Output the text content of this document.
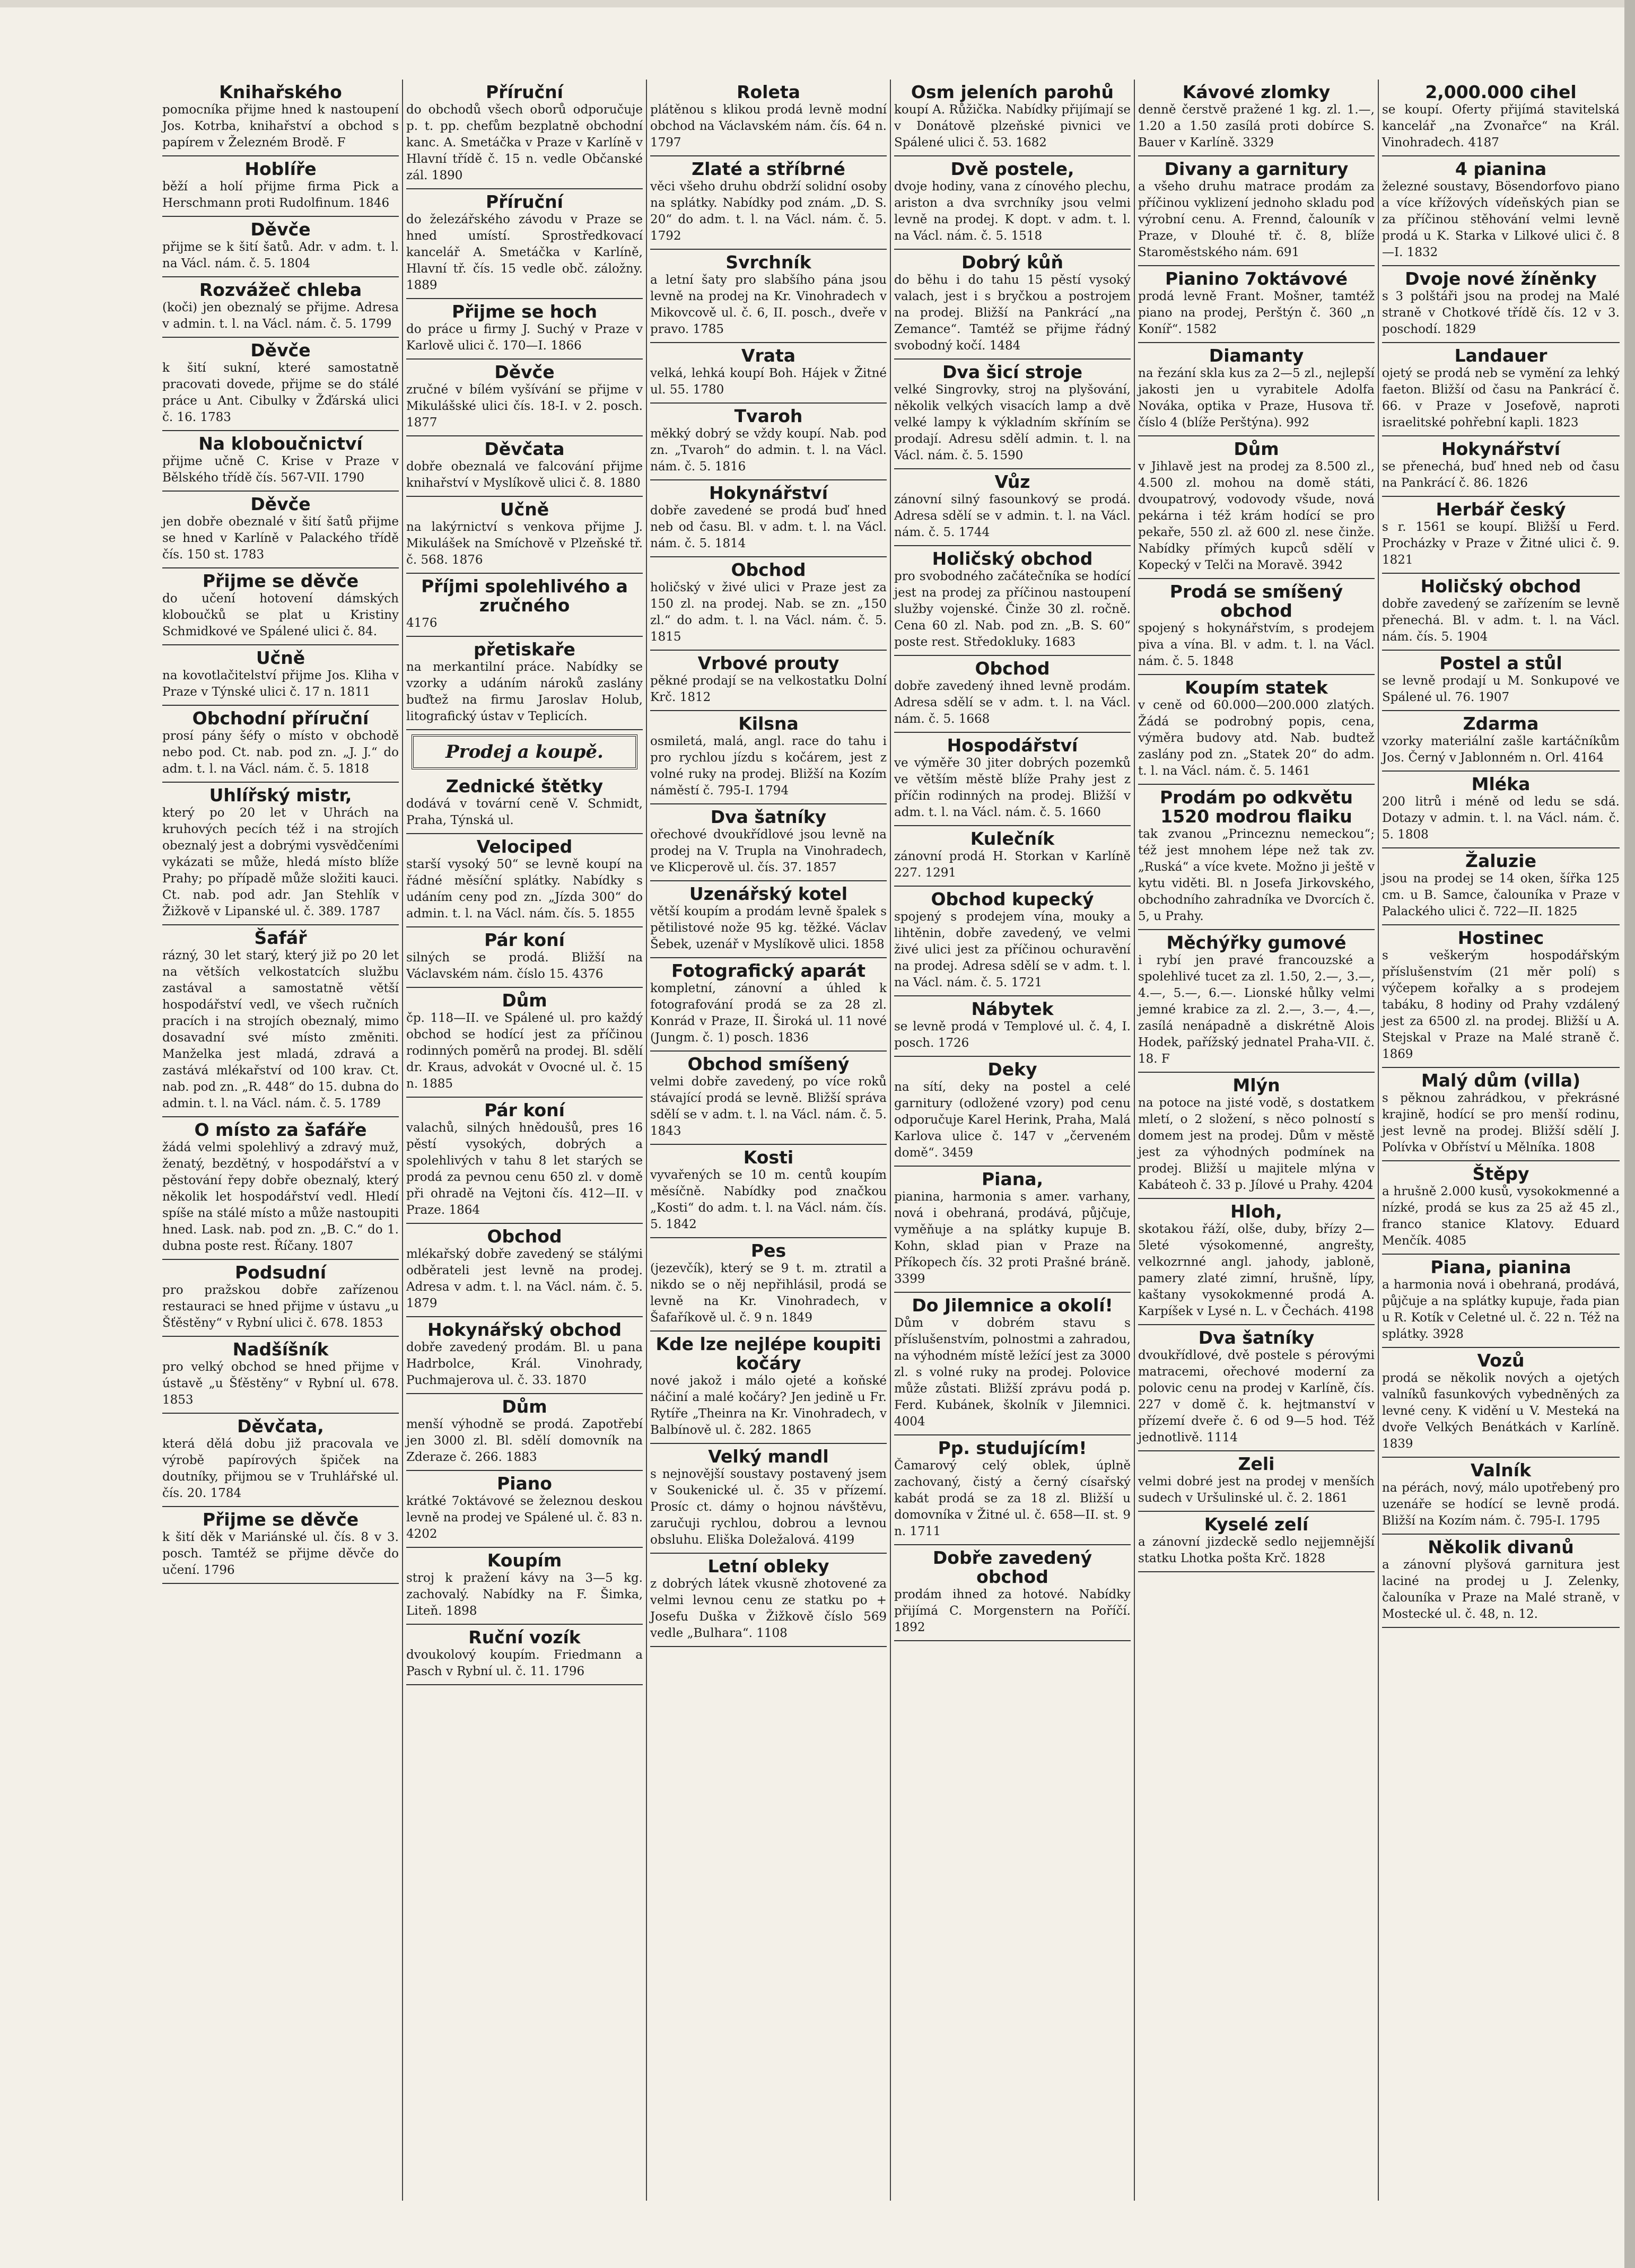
Knihařského
pomocníka přijme hned k nastoupení Jos. Kotrba, knihařství a obchod s papírem v Železném Brodě. F
Hoblíře
běží a holí přijme firma Pick a Herschmann proti Rudolfinum. 1846
Děvče
přijme se k šití šatů. Adr. v adm. t. l. na Václ. nám. č. 5. 1804
Rozvážeč chleba
(koči) jen obeznalý se přijme. Adresa v admin. t. l. na Václ. nám. č. 5. 1799
Děvče
k šití sukní, které samostatně pracovati dovede, přijme se do stálé práce u Ant. Cibulky v Žďárská ulici č. 16. 1783
Na kloboučnictví
přijme učně C. Krise v Praze v Bělského třídě čís. 567-VII. 1790
Děvče
jen dobře obeznalé v šití šatů přijme se hned v Karlíně v Palackého třídě čís. 150 st. 1783
Přijme se děvče
do učení hotovení dámských kloboučků se plat u Kristiny Schmidkové ve Spálené ulici č. 84.
Učně
na kovotlačitelství přijme Jos. Kliha v Praze v Týnské ulici č. 17 n. 1811
Obchodní příruční
prosí pány šéfy o místo v obchodě nebo pod. Ct. nab. pod zn. „J. J.“ do adm. t. l. na Václ. nám. č. 5. 1818
Uhlířský mistr,
který po 20 let v Uhrách na kruhových pecích též i na strojích obeznalý jest a dobrými vysvědčeními vykázati se může, hledá místo blíže Prahy; po případě může složiti kauci. Ct. nab. pod adr. Jan Stehlík v Žižkově v Lipanské ul. č. 389. 1787
Šafář
rázný, 30 let starý, který již po 20 let na větších velkostatcích službu zastával a samostatně větší hospodářství vedl, ve všech ručních pracích i na strojích obeznalý, mimo dosavadní své místo změniti. Manželka jest mladá, zdravá a zastává mlékařství od 100 krav. Ct. nab. pod zn. „R. 448“ do 15. dubna do admin. t. l. na Václ. nám. č. 5. 1789
O místo za šafáře
žádá velmi spolehlivý a zdravý muž, ženatý, bezdětný, v hospodářství a v pěstování řepy dobře obeznalý, který několik let hospodářství vedl. Hledí spíše na stálé místo a může nastoupiti hned. Lask. nab. pod zn. „B. C.“ do 1. dubna poste rest. Říčany. 1807
Podsudní
pro pražskou dobře zařízenou restauraci se hned přijme v ústavu „u Šťěstěny“ v Rybní ulici č. 678. 1853
Nadšíšník
pro velký obchod se hned přijme v ústavě „u Šťěstěny“ v Rybní ul. 678. 1853
Děvčata,
která dělá dobu již pracovala ve výrobě papírových špiček na doutníky, přijmou se v Truhlářské ul. čís. 20. 1784
Přijme se děvče
k šití děk v Mariánské ul. čís. 8 v 3. posch. Tamtéž se přijme děvče do učení. 1796
Příruční
do obchodů všech oborů odporučuje p. t. pp. chefům bezplatně obchodní kanc. A. Smetáčka v Praze v Karlíně v Hlavní třídě č. 15 n. vedle Občanské zál. 1890
Příruční
do železářského závodu v Praze se hned umístí. Sprostředkovací kancelář A. Smetáčka v Karlíně, Hlavní tř. čís. 15 vedle obč. záložny. 1889
Přijme se hoch
do práce u firmy J. Suchý v Praze v Karlově ulici č. 170—I. 1866
Děvče
zručné v bílém vyšívání se přijme v Mikulášské ulici čís. 18-I. v 2. posch. 1877
Děvčata
dobře obeznalá ve falcování přijme knihařství v Myslíkově ulici č. 8. 1880
Učně
na lakýrnictví s venkova přijme J. Mikulášek na Smíchově v Plzeňské tř. č. 568. 1876
Příjmi spolehlivého a zručného
4176
přetiskaře
na merkantilní práce. Nabídky se vzorky a udáním nároků zaslány buďtež na firmu Jaroslav Holub, litografický ústav v Teplicích.
Prodej a koupě.
Zednické štětky
dodává v tovární ceně V. Schmidt, Praha, Týnská ul.
Velociped
starší vysoký 50“ se levně koupí na řádné měsíční splátky. Nabídky s udáním ceny pod zn. „Jízda 300“ do admin. t. l. na Václ. nám. čís. 5. 1855
Pár koní
silných se prodá. Bližší na Václavském nám. číslo 15. 4376
Dům
čp. 118—II. ve Spálené ul. pro každý obchod se hodící jest za příčinou rodinných poměrů na prodej. Bl. sdělí dr. Kraus, advokát v Ovocné ul. č. 15 n. 1885
Pár koní
valachů, silných hnědoušů, pres 16 pěstí vysokých, dobrých a spolehlivých v tahu 8 let starých se prodá za pevnou cenu 650 zl. v domě při ohradě na Vejtoni čís. 412—II. v Praze. 1864
Obchod
mlékařský dobře zavedený se stálými odběrateli jest levně na prodej. Adresa v adm. t. l. na Václ. nám. č. 5. 1879
Hokynářský obchod
dobře zavedený prodám. Bl. u pana Hadrbolce, Král. Vinohrady, Puchmajerova ul. č. 33. 1870
Dům
menší výhodně se prodá. Zapotřebí jen 3000 zl. Bl. sdělí domovník na Zderaze č. 266. 1883
Piano
krátké 7oktávové se železnou deskou levně na prodej ve Spálené ul. č. 83 n. 4202
Koupím
stroj k pražení kávy na 3—5 kg. zachovalý. Nabídky na F. Šimka, Liteň. 1898
Ruční vozík
dvoukolový koupím. Friedmann a Pasch v Rybní ul. č. 11. 1796
Roleta
plátěnou s klikou prodá levně modní obchod na Václavském nám. čís. 64 n. 1797
Zlaté a stříbrné
věci všeho druhu obdrží solidní osoby na splátky. Nabídky pod znám. „D. S. 20“ do adm. t. l. na Václ. nám. č. 5. 1792
Svrchník
a letní šaty pro slabšího pána jsou levně na prodej na Kr. Vinohradech v Mikovcově ul. č. 6, II. posch., dveře v pravo. 1785
Vrata
velká, lehká koupí Boh. Hájek v Žitné ul. 55. 1780
Tvaroh
měkký dobrý se vždy koupí. Nab. pod zn. „Tvaroh“ do admin. t. l. na Václ. nám. č. 5. 1816
Hokynářství
dobře zavedené se prodá buď hned neb od času. Bl. v adm. t. l. na Václ. nám. č. 5. 1814
Obchod
holičský v živé ulici v Praze jest za 150 zl. na prodej. Nab. se zn. „150 zl.“ do adm. t. l. na Václ. nám. č. 5. 1815
Vrbové prouty
pěkné prodají se na velkostatku Dolní Krč. 1812
Kilsna
osmiletá, malá, angl. race do tahu i pro rychlou jízdu s kočárem, jest z volné ruky na prodej. Bližší na Kozím náměstí č. 795-I. 1794
Dva šatníky
ořechové dvoukřídlové jsou levně na prodej na V. Trupla na Vinohradech, ve Klicperově ul. čís. 37. 1857
Uzenářský kotel
větší koupím a prodám levně špalek s pětilistové nože 95 kg. těžké. Václav Šebek, uzenář v Myslíkově ulici. 1858
Fotografický aparát
kompletní, zánovní a úhled k fotografování prodá se za 28 zl. Konrád v Praze, II. Široká ul. 11 nové (Jungm. č. 1) posch. 1836
Obchod smíšený
velmi dobře zavedený, po více roků stávající prodá se levně. Bližší správa sdělí se v adm. t. l. na Václ. nám. č. 5. 1843
Kosti
vyvařených se 10 m. centů koupím měsíčně. Nabídky pod značkou „Kosti“ do adm. t. l. na Václ. nám. čís. 5. 1842
Pes
(jezevčík), který se 9 t. m. ztratil a nikdo se o něj nepřihlásil, prodá se levně na Kr. Vinohradech, v Šafaříkově ul. č. 9 n. 1849
Kde lze nejlépe koupiti kočáry
nové jakož i málo ojeté a koňské náčiní a malé kočáry? Jen jedině u Fr. Rytíře „Theinra na Kr. Vinohradech, v Balbínově ul. č. 282. 1865
Velký mandl
s nejnovější soustavy postavený jsem v Soukenické ul. č. 35 v přízemí. Prosíc ct. dámy o hojnou návštěvu, zaručuji rychlou, dobrou a levnou obsluhu. Eliška Doležalová. 4199
Letní obleky
z dobrých látek vkusně zhotovené za velmi levnou cenu ze statku po + Josefu Duška v Žižkově číslo 569 vedle „Bulhara“. 1108
Osm jeleních parohů
koupí A. Růžička. Nabídky přijímají se v Donátově plzeňské pivnici ve Spálené ulici č. 53. 1682
Dvě postele,
dvoje hodiny, vana z cínového plechu, ariston a dva svrchníky jsou velmi levně na prodej. K dopt. v adm. t. l. na Václ. nám. č. 5. 1518
Dobrý kůň
do běhu i do tahu 15 pěstí vysoký valach, jest i s bryčkou a postrojem na prodej. Bližší na Pankrácí „na Zemance“. Tamtéž se přijme řádný svobodný kočí. 1484
Dva šicí stroje
velké Singrovky, stroj na plyšování, několik velkých visacích lamp a dvě velké lampy k výkladním skříním se prodají. Adresu sdělí admin. t. l. na Václ. nám. č. 5. 1590
Vůz
zánovní silný fasounkový se prodá. Adresa sdělí se v admin. t. l. na Václ. nám. č. 5. 1744
Holičský obchod
pro svobodného začátečníka se hodící jest na prodej za příčinou nastoupení služby vojenské. Činže 30 zl. ročně. Cena 60 zl. Nab. pod zn. „B. S. 60“ poste rest. Středokluky. 1683
Obchod
dobře zavedený ihned levně prodám. Adresa sdělí se v adm. t. l. na Václ. nám. č. 5. 1668
Hospodářství
ve výměře 30 jiter dobrých pozemků ve větším městě blíže Prahy jest z příčin rodinných na prodej. Bližší v adm. t. l. na Václ. nám. č. 5. 1660
Kulečník
zánovní prodá H. Storkan v Karlíně 227. 1291
Obchod kupecký
spojený s prodejem vína, mouky a lihtěnin, dobře zavedený, ve velmi živé ulici jest za příčinou ochuravění na prodej. Adresa sdělí se v adm. t. l. na Václ. nám. č. 5. 1721
Nábytek
se levně prodá v Templové ul. č. 4, I. posch. 1726
Deky
na sítí, deky na postel a celé garnitury (odložené vzory) pod cenu odporučuje Karel Herink, Praha, Malá Karlova ulice č. 147 v „červeném domě“. 3459
Piana,
pianina, harmonia s amer. varhany, nová i obehraná, prodává, půjčuje, vyměňuje a na splátky kupuje B. Kohn, sklad pian v Praze na Příkopech čís. 32 proti Prašné bráně. 3399
Do Jilemnice a okolí!
Dům v dobrém stavu s příslušenstvím, polnostmi a zahradou, na výhodném místě ležící jest za 3000 zl. s volné ruky na prodej. Polovice může zůstati. Bližší zprávu podá p. Ferd. Kubánek, školník v Jilemnici. 4004
Pp. studujícím!
Čamarový celý oblek, úplně zachovaný, čistý a černý císařský kabát prodá se za 18 zl. Bližší u domovníka v Žitné ul. č. 658—II. st. 9 n. 1711
Dobře zavedený obchod
prodám ihned za hotové. Nabídky přijímá C. Morgenstern na Poříčí. 1892
Kávové zlomky
denně čerstvě pražené 1 kg. zl. 1.—, 1.20 a 1.50 zasílá proti dobírce S. Bauer v Karlíně. 3329
Divany a garnitury
a všeho druhu matrace prodám za příčinou vyklizení jednoho skladu pod výrobní cenu. A. Frennd, čalouník v Praze, v Dlouhé tř. č. 8, blíže Staroměstského nám. 691
Pianino 7oktávové
prodá levně Frant. Mošner, tamtéž piano na prodej, Perštýn č. 360 „n Koníř“. 1582
Diamanty
na řezání skla kus za 2—5 zl., nejlepší jakosti jen u vyrabitele Adolfa Nováka, optika v Praze, Husova tř. číslo 4 (blíže Perštýna). 992
Dům
v Jihlavě jest na prodej za 8.500 zl., 4.500 zl. mohou na domě státi, dvoupatrový, vodovody všude, nová pekárna i též krám hodící se pro pekaře, 550 zl. až 600 zl. nese činže. Nabídky přímých kupců sdělí v Kopecký v Telči na Moravě. 3942
Prodá se smíšený obchod
spojený s hokynářstvím, s prodejem piva a vína. Bl. v adm. t. l. na Václ. nám. č. 5. 1848
Koupím statek
v ceně od 60.000—200.000 zlatých. Žádá se podrobný popis, cena, výměra budovy atd. Nab. budtež zaslány pod zn. „Statek 20“ do adm. t. l. na Václ. nám. č. 5. 1461
Prodám po odkvětu 1520 modrou flaiku
tak zvanou „Princeznu nemeckou“; též jest mnohem lépe než tak zv. „Ruská“ a více kvete. Možno ji ještě v kytu viděti. Bl. n Josefa Jirkovského, obchodního zahradníka ve Dvorcích č. 5, u Prahy.
Měchýřky gumové
i rybí jen pravé francouzské a spolehlivé tucet za zl. 1.50, 2.—, 3.—, 4.—, 5.—, 6.—. Lionské hůlky velmi jemné krabice za zl. 2.—, 3.—, 4.—, zasílá nenápadně a diskrétně Alois Hodek, pařížský jednatel Praha-VII. č. 18. F
Mlýn
na potoce na jisté vodě, s dostatkem mletí, o 2 složení, s něco polností s domem jest na prodej. Dům v městě jest za výhodných podmínek na prodej. Bližší u majitele mlýna v Kabáteoh č. 33 p. Jílové u Prahy. 4204
Hloh,
skotakou řáží, olše, duby, břízy 2—5leté výsokomenné, angrešty, velkozrnné angl. jahody, jabloně, pamery zlaté zimní, hrušně, lípy, kaštany vysokokmenné prodá A. Karpíšek v Lysé n. L. v Čechách. 4198
Dva šatníky
dvoukřídlové, dvě postele s pérovými matracemi, ořechové moderní za polovic cenu na prodej v Karlíně, čís. 227 v domě č. k. hejtmanství v přízemí dveře č. 6 od 9—5 hod. Též jednotlivě. 1114
Zeli
velmi dobré jest na prodej v menších sudech v Uršulinské ul. č. 2. 1861
Kyselé zelí
a zánovní jizdeckě sedlo nejjemnější statku Lhotka pošta Krč. 1828
2,000.000 cihel
se koupí. Oferty přijímá stavitelská kancelář „na Zvonařce“ na Král. Vinohradech. 4187
4 pianina
železné soustavy, Bösendorfovo piano a více křížových vídeňských pian se za příčinou stěhování velmi levně prodá u K. Starka v Lilkové ulici č. 8—I. 1832
Dvoje nové žíněnky
s 3 polštáři jsou na prodej na Malé straně v Chotkové třídě čís. 12 v 3. poschodí. 1829
Landauer
ojetý se prodá neb se vymění za lehký faeton. Bližší od času na Pankrácí č. 66. v Praze v Josefově, naproti israelitské pohřební kapli. 1823
Hokynářství
se přenechá, buď hned neb od času na Pankrácí č. 86. 1826
Herbář český
s r. 1561 se koupí. Bližší u Ferd. Procházky v Praze v Žitné ulici č. 9. 1821
Holičský obchod
dobře zavedený se zařízením se levně přenechá. Bl. v adm. t. l. na Václ. nám. čís. 5. 1904
Postel a stůl
se levně prodají u M. Sonkupové ve Spálené ul. 76. 1907
Zdarma
vzorky materiální zašle kartáčníkům Jos. Černý v Jablonném n. Orl. 4164
Mléka
200 litrů i méně od ledu se sdá. Dotazy v admin. t. l. na Václ. nám. č. 5. 1808
Žaluzie
jsou na prodej se 14 oken, šířka 125 cm. u B. Samce, čalouníka v Praze v Palackého ulici č. 722—II. 1825
Hostinec
s veškerým hospodářským příslušenstvím (21 měr polí) s výčepem kořalky a s prodejem tabáku, 8 hodiny od Prahy vzdálený jest za 6500 zl. na prodej. Bližší u A. Stejskal v Praze na Malé straně č. 1869
Malý dům (villa)
s pěknou zahrádkou, v překrásné krajině, hodící se pro menší rodinu, jest levně na prodej. Bližší sdělí J. Polívka v Obříství u Mělníka. 1808
Štěpy
a hrušně 2.000 kusů, vysokokmenné a nízké, prodá se kus za 25 až 45 zl., franco stanice Klatovy. Eduard Menčík. 4085
Piana, pianina
a harmonia nová i obehraná, prodává, půjčuje a na splátky kupuje, řada pian u R. Kotík v Celetné ul. č. 22 n. Též na splátky. 3928
Vozů
prodá se několik nových a ojetých valníků fasunkových vybedněných za levné ceny. K vidění u V. Mesteká na dvoře Velkých Benátkách v Karlíně. 1839
Valník
na pérách, nový, málo upotřebený pro uzenáře se hodící se levně prodá. Bližší na Kozím nám. č. 795-I. 1795
Několik divanů
a zánovní plyšová garnitura jest laciné na prodej u J. Zelenky, čalouníka v Praze na Malé straně, v Mostecké ul. č. 48, n. 12.
